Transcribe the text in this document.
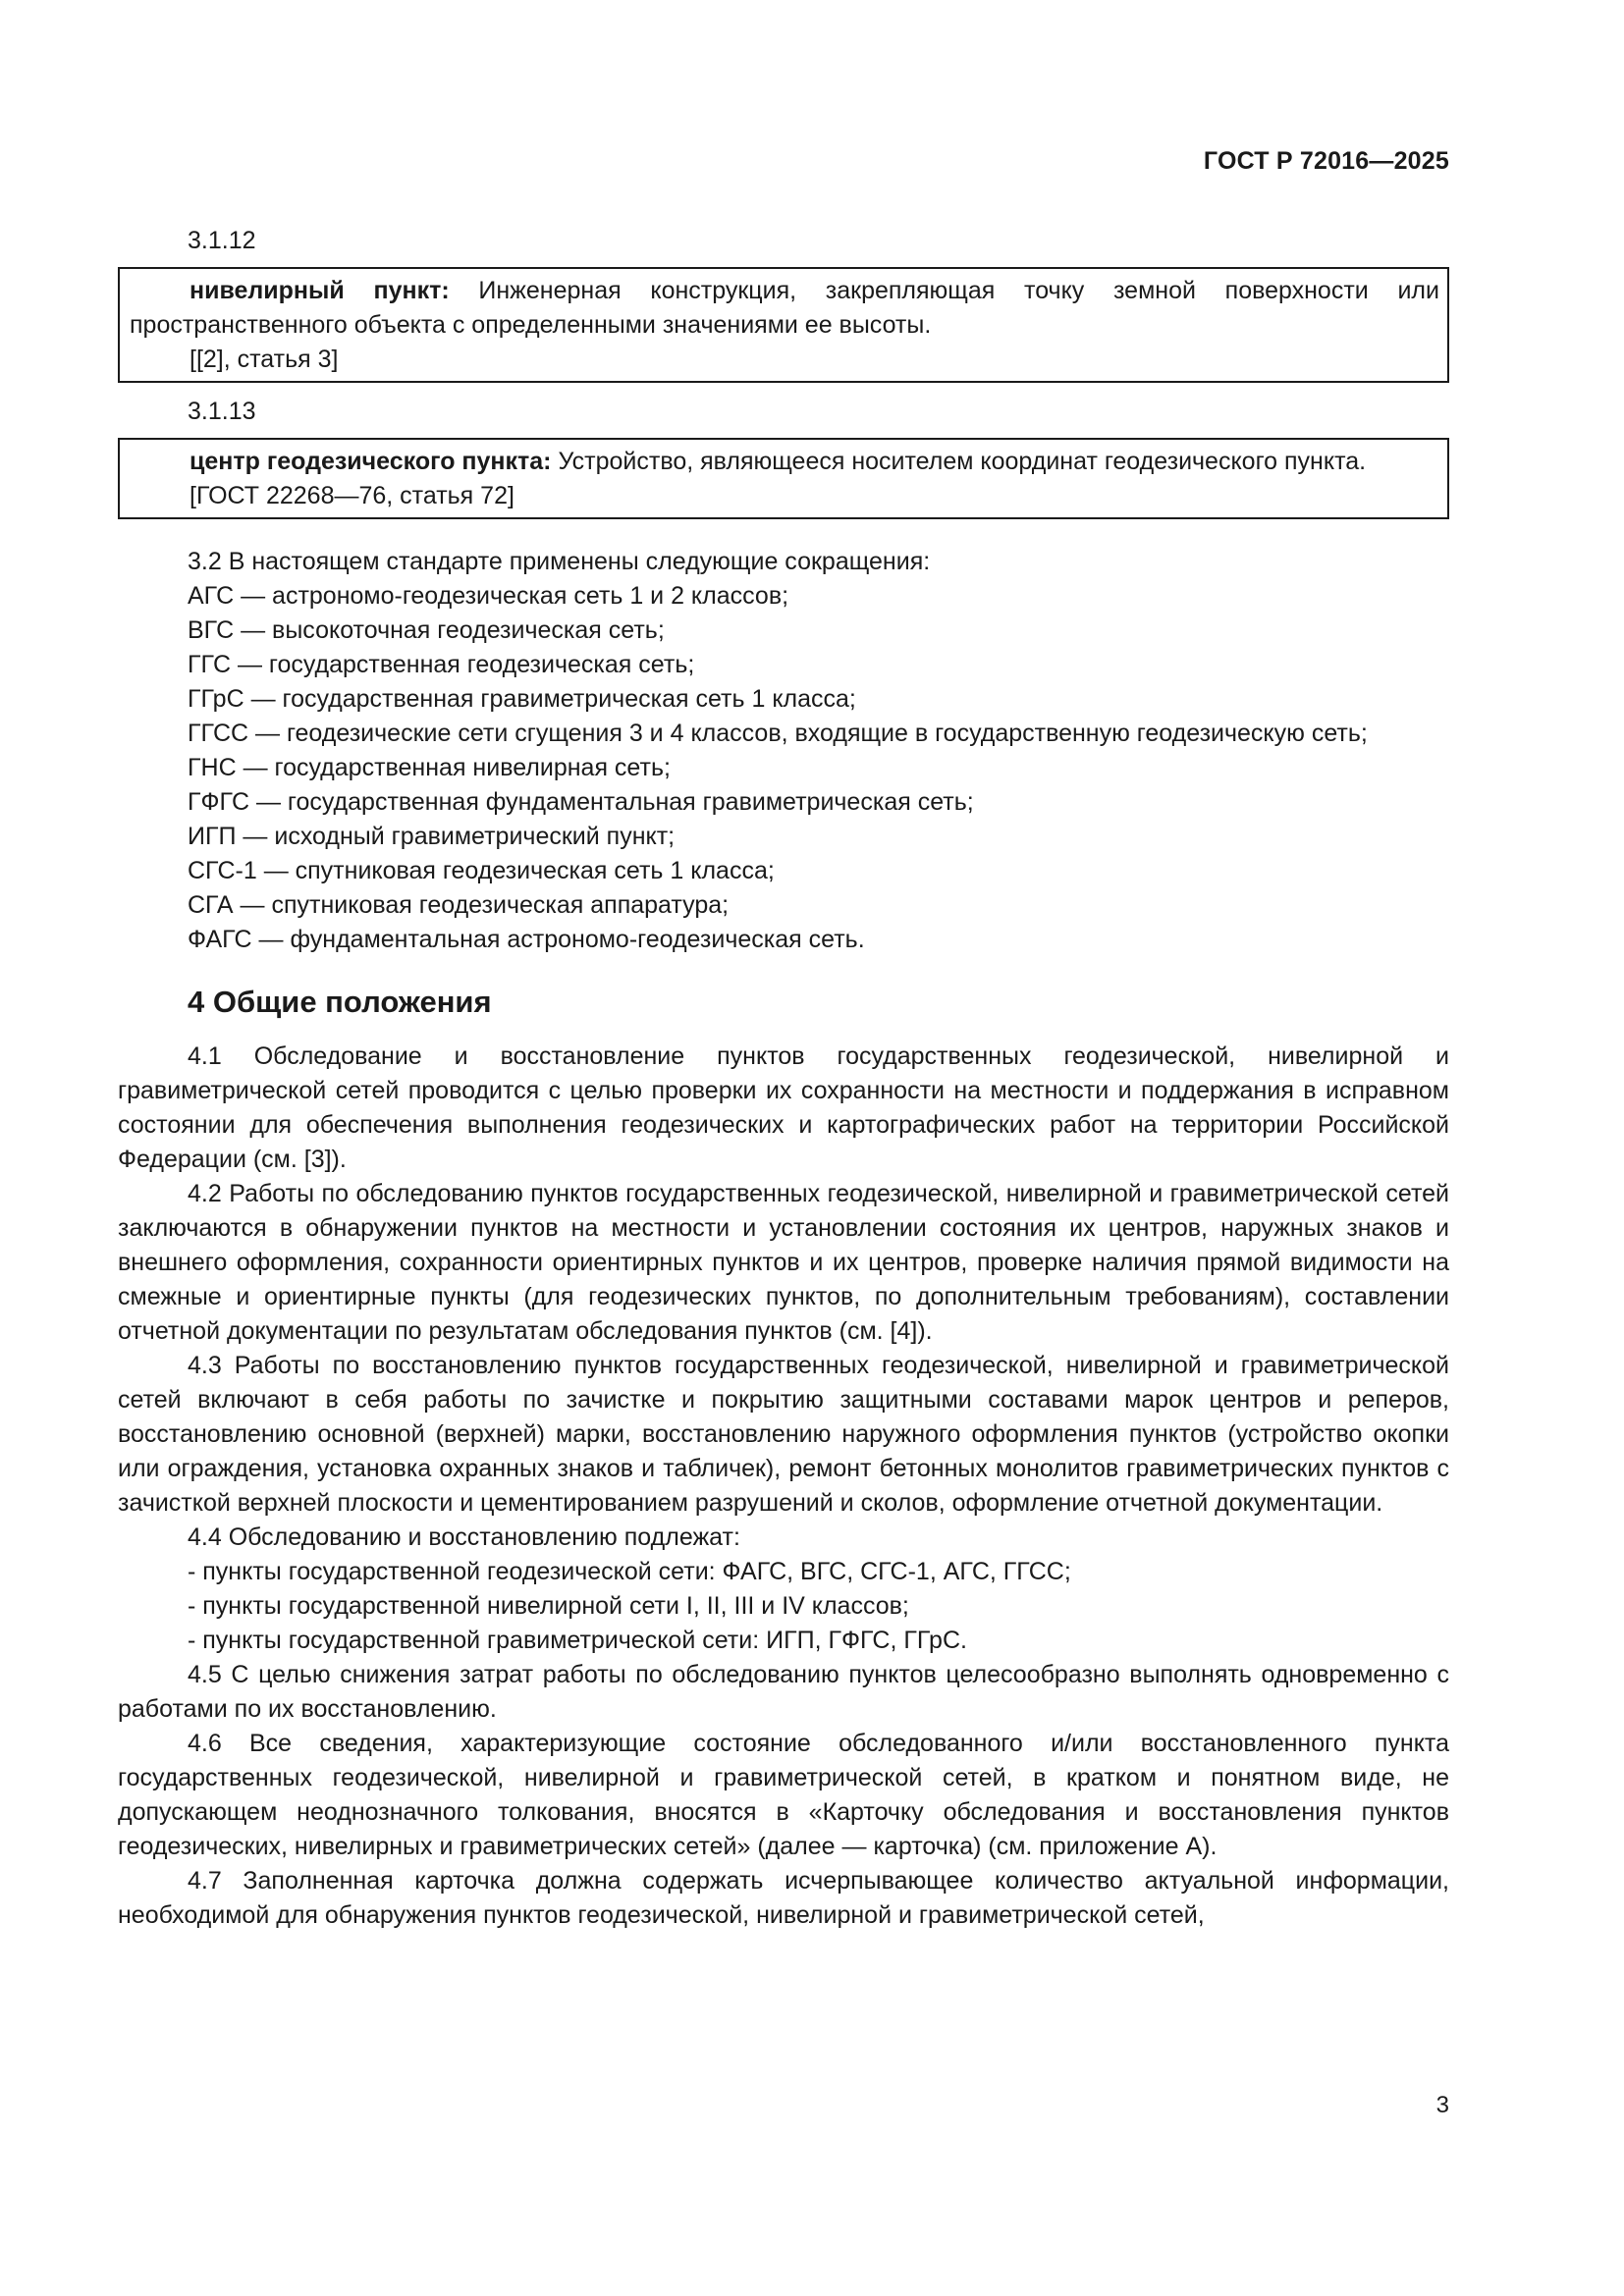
ГОСТ Р 72016—2025

3.1.12

нивелирный пункт: Инженерная конструкция, закрепляющая точку земной поверхности или пространственного объекта с определенными значениями ее высоты.

[[2], статья 3]

3.1.13

центр геодезического пункта: Устройство, являющееся носителем координат геодезического пункта.

[ГОСТ 22268—76, статья 72]

3.2 В настоящем стандарте применены следующие сокращения:

АГС — астрономо-геодезическая сеть 1 и 2 классов;

ВГС — высокоточная геодезическая сеть;

ГГС — государственная геодезическая сеть;

ГГрС — государственная гравиметрическая сеть 1 класса;

ГГСС — геодезические сети сгущения 3 и 4 классов, входящие в государственную геодезическую сеть;

ГНС — государственная нивелирная сеть;

ГФГС — государственная фундаментальная гравиметрическая сеть;

ИГП — исходный гравиметрический пункт;

СГС-1 — спутниковая геодезическая сеть 1 класса;

СГА — спутниковая геодезическая аппаратура;

ФАГС — фундаментальная астрономо-геодезическая сеть.

4 Общие положения

4.1 Обследование и восстановление пунктов государственных геодезической, нивелирной и гравиметрической сетей проводится с целью проверки их сохранности на местности и поддержания в исправном состоянии для обеспечения выполнения геодезических и картографических работ на территории Российской Федерации (см. [3]).

4.2 Работы по обследованию пунктов государственных геодезической, нивелирной и гравиметрической сетей заключаются в обнаружении пунктов на местности и установлении состояния их центров, наружных знаков и внешнего оформления, сохранности ориентирных пунктов и их центров, проверке наличия прямой видимости на смежные и ориентирные пункты (для геодезических пунктов, по дополнительным требованиям), составлении отчетной документации по результатам обследования пунктов (см. [4]).

4.3 Работы по восстановлению пунктов государственных геодезической, нивелирной и гравиметрической сетей включают в себя работы по зачистке и покрытию защитными составами марок центров и реперов, восстановлению основной (верхней) марки, восстановлению наружного оформления пунктов (устройство окопки или ограждения, установка охранных знаков и табличек), ремонт бетонных монолитов гравиметрических пунктов с зачисткой верхней плоскости и цементированием разрушений и сколов, оформление отчетной документации.

4.4 Обследованию и восстановлению подлежат:

- пункты государственной геодезической сети: ФАГС, ВГС, СГС-1, АГС, ГГСС;

- пункты государственной нивелирной сети I, II, III и IV классов;

- пункты государственной гравиметрической сети: ИГП, ГФГС, ГГрС.

4.5 С целью снижения затрат работы по обследованию пунктов целесообразно выполнять одновременно с работами по их восстановлению.

4.6 Все сведения, характеризующие состояние обследованного и/или восстановленного пункта государственных геодезической, нивелирной и гравиметрической сетей, в кратком и понятном виде, не допускающем неоднозначного толкования, вносятся в «Карточку обследования и восстановления пунктов геодезических, нивелирных и гравиметрических сетей» (далее — карточка) (см. приложение А).

4.7 Заполненная карточка должна содержать исчерпывающее количество актуальной информации, необходимой для обнаружения пунктов геодезической, нивелирной и гравиметрической сетей,

3
